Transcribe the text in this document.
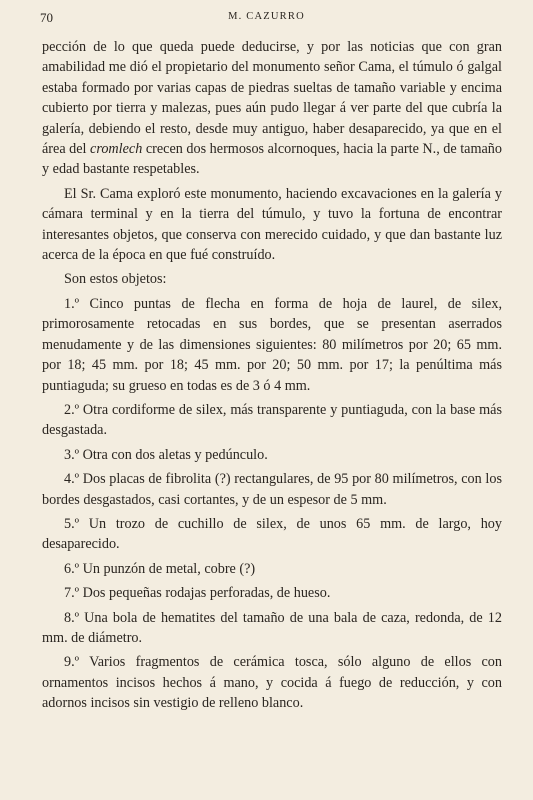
70	M. CAZURRO

pección de lo que queda puede deducirse, y por las noticias que con gran amabilidad me dió el propietario del monumento señor Cama, el túmulo ó galgal estaba formado por varias capas de piedras sueltas de tamaño variable y encima cubierto por tierra y malezas, pues aún pudo llegar á ver parte del que cubría la galería, debiendo el resto, desde muy antiguo, haber desaparecido, ya que en el área del cromlech crecen dos hermosos alcornoques, hacia la parte N., de tamaño y edad bastante respetables.

El Sr. Cama exploró este monumento, haciendo excavaciones en la galería y cámara terminal y en la tierra del túmulo, y tuvo la fortuna de encontrar interesantes objetos, que conserva con merecido cuidado, y que dan bastante luz acerca de la época en que fué construído.

Son estos objetos:

1.º Cinco puntas de flecha en forma de hoja de laurel, de silex, primorosamente retocadas en sus bordes, que se presentan aserrados menudamente y de las dimensiones siguientes: 80 milímetros por 20; 65 mm. por 18; 45 mm. por 18; 45 mm. por 20; 50 mm. por 17; la penúltima más puntiaguda; su grueso en todas es de 3 ó 4 mm.

2.º Otra cordiforme de silex, más transparente y puntiaguda, con la base más desgastada.

3.º Otra con dos aletas y pedúnculo.

4.º Dos placas de fibrolita (?) rectangulares, de 95 por 80 milímetros, con los bordes desgastados, casi cortantes, y de un espesor de 5 mm.

5.º Un trozo de cuchillo de silex, de unos 65 mm. de largo, hoy desaparecido.

6.º Un punzón de metal, cobre (?)

7.º Dos pequeñas rodajas perforadas, de hueso.

8.º Una bola de hematites del tamaño de una bala de caza, redonda, de 12 mm. de diámetro.

9.º Varios fragmentos de cerámica tosca, sólo alguno de ellos con ornamentos incisos hechos á mano, y cocida á fuego de reducción, y con adornos incisos sin vestigio de relleno blanco.
